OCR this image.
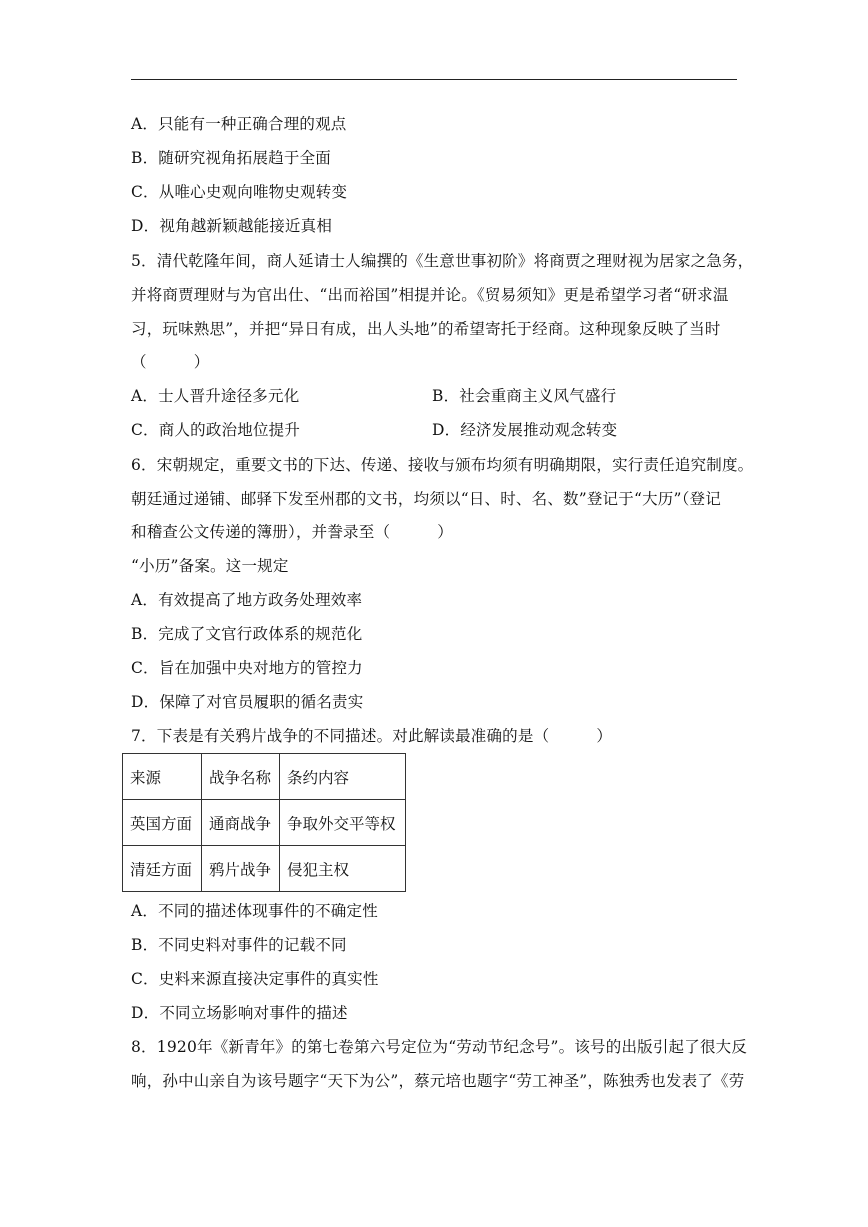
A．只能有一种正确合理的观点
B．随研究视角拓展趋于全面
C．从唯心史观向唯物史观转变
D．视角越新颖越能接近真相
5．清代乾隆年间，商人延请士人编撰的《生意世事初阶》将商贾之理财视为居家之急务，
并将商贾理财与为官出仕、“出而裕国”相提并论。《贸易须知》更是希望学习者“研求温
习，玩味熟思”，并把“异日有成，出人头地”的希望寄托于经商。这种现象反映了当时
（　　　）
A．士人晋升途径多元化	B．社会重商主义风气盛行
C．商人的政治地位提升	D．经济发展推动观念转变
6．宋朝规定，重要文书的下达、传递、接收与颁布均须有明确期限，实行责任追究制度。
朝廷通过递铺、邮驿下发至州郡的文书，均须以“日、时、名、数”登记于“大历”（登记
和稽查公文传递的簿册），并誊录至（　　　）
“小历”备案。这一规定
A．有效提高了地方政务处理效率
B．完成了文官行政体系的规范化
C．旨在加强中央对地方的管控力
D．保障了对官员履职的循名责实
7．下表是有关鸦片战争的不同描述。对此解读最准确的是（　　　）
来源	战争名称	条约内容
英国方面	通商战争	争取外交平等权
清廷方面	鸦片战争	侵犯主权
A．不同的描述体现事件的不确定性
B．不同史料对事件的记载不同
C．史料来源直接决定事件的真实性
D．不同立场影响对事件的描述
8．1920年《新青年》的第七卷第六号定位为“劳动节纪念号”。该号的出版引起了很大反
响，孙中山亲自为该号题字“天下为公”，蔡元培也题字“劳工神圣”，陈独秀也发表了《劳
